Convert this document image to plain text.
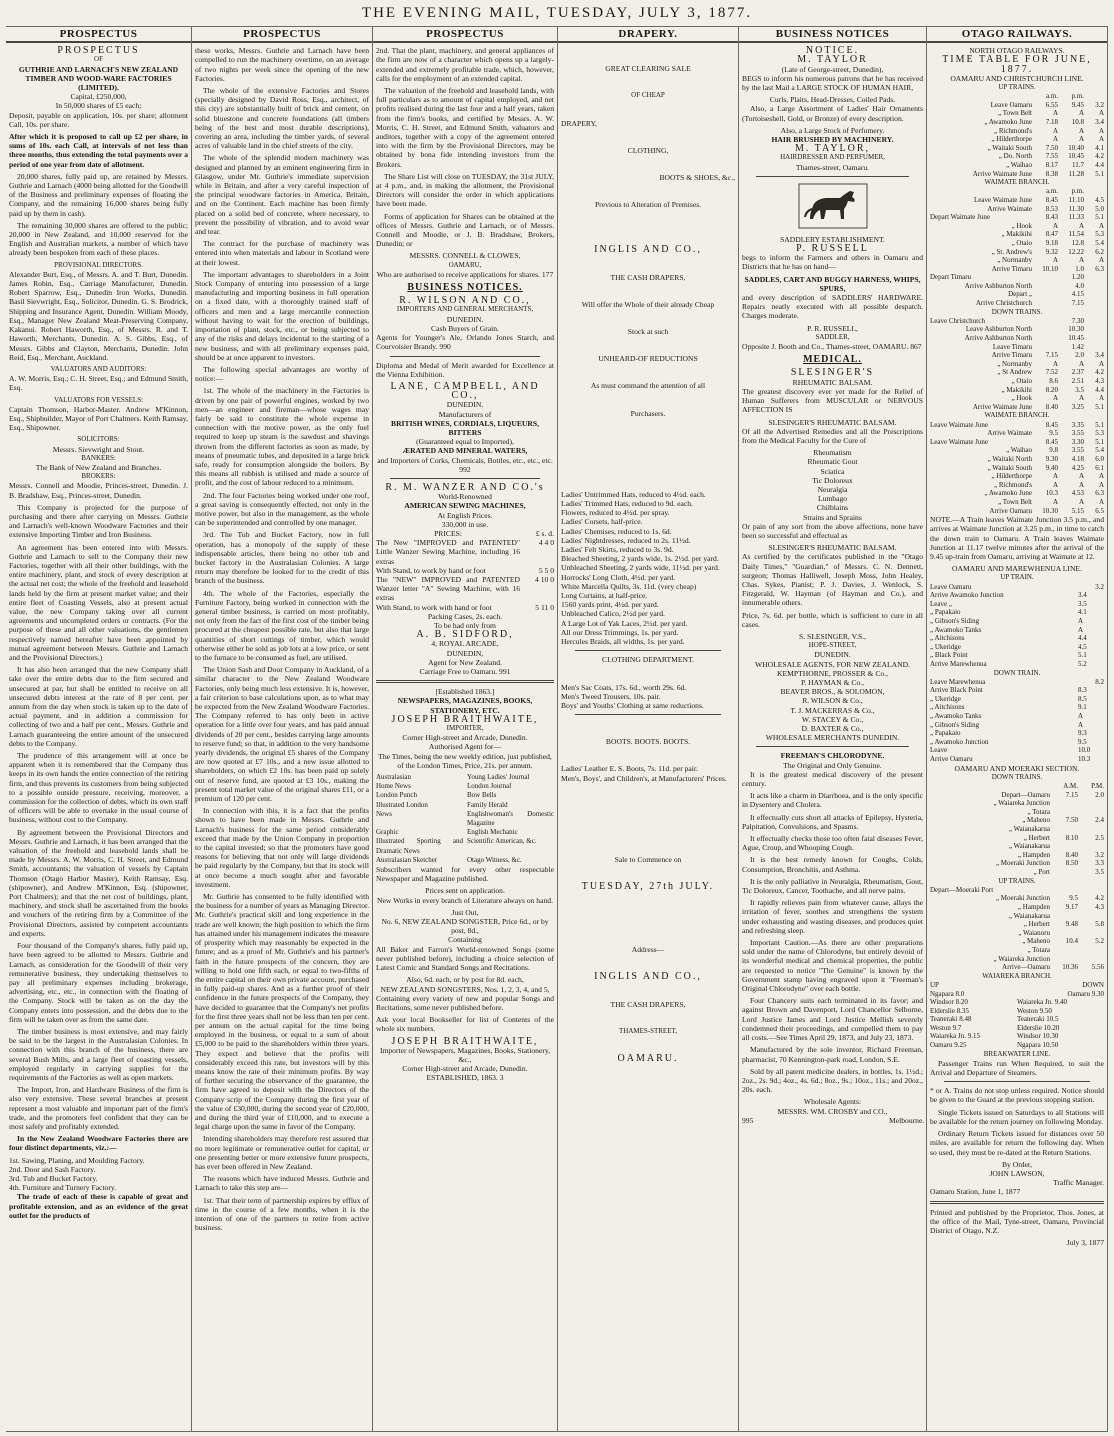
THE EVENING MAIL, TUESDAY, JULY 3, 1877.
PROSPECTUS
PROSPECTUS
OF
GUTHRIE AND LARNACH'S NEW ZEALAND TIMBER AND WOOD-WARE FACTORIES (LIMITED).
Capital, £250,000,
In 50,000 shares of £5 each;

Deposit, payable on application, 10s. per share; allotment Call, 10s. per share.

After which it is proposed to call up £2 per share, in sums of 10s. each Call, at intervals of not less than three months, thus extending the total payments over a period of one year from date of allotment.

20,000 shares, fully paid up, are retained by Messrs. Guthrie and Larnach (4000 being allotted for the Goodwill of the Business and preliminary expenses of floating the Company, and the remaining 16,000 shares being fully paid up by them in cash).

The remaining 30,000 shares are offered to the public; 20,000 in New Zealand, and 10,000 reserved for the English and Australian markets, a number of which have already been bespoken from each of these places.

PROVISIONAL DIRECTORS.

Alexander Burt, Esq., of Messrs. A. and T. Burt, Dunedin. James Robin, Esq., Carriage Manufacturer, Dunedin. Robert Sparrow, Esq., Dunedin Iron Works, Dunedin. Basil Sievwright, Esq., Solicitor, Dunedin. G. S. Brodrick, Shipping and Insurance Agent, Dunedin. William Moody, Esq., Manager New Zealand Meat-Preserving Company, Kakanui. Robert Haworth, Esq., of Messrs. R. and T. Haworth, Merchants, Dunedin. A. S. Gibbs, Esq., of Messrs. Gibbs and Clayton, Merchants, Dunedin. John Reid, Esq., Merchant, Auckland.

VALUATORS AND AUDITORS:

A. W. Morris, Esq.; C. H. Street, Esq.; and Edmund Smith, Esq.

VALUATORS FOR VESSELS:

Captain Thomson, Harbor-Master. Andrew M'Kinnon, Esq., Shipbuilder, Mayor of Port Chalmers. Keith Ramsay, Esq., Shipowner.

SOLICITORS:
Messrs. Sievwright and Stout.
BANKERS:
The Bank of New Zealand and Branches.
BROKERS:

Messrs. Connell and Moodie, Princes-street, Dunedin. J. B. Bradshaw, Esq., Princes-street, Dunedin.

This Company is projected for the purpose of purchasing and there after carrying on Messrs. Guthrie and Larnach's well-known Woodware Factories and their extensive Importing Timber and Iron Business.

An agreement has been entered into with Messrs. Guthrie and Larnach to sell to the Company their new Factories, together with all their other buildings, with the entire machinery, plant, and stock of every description at the actual net cost; the whole of the freehold and leasehold lands held by the firm at present market value; and their entire fleet of Coasting Vessels, also at present actual value, the new Company taking over all current agreements and uncompleted orders or contracts. (For the purpose of these and all other valuations, the gentlemen respectively named hereafter have been appointed by mutual agreement between Messrs. Guthrie and Larnach and the Provisional Directors.)

It has also been arranged that the new Company shall take over the entire debts due to the firm secured and unsecured at par, but shall be entitled to receive on all unsecured debts interest at the rate of 8 per cent. per annum from the day when stock is taken up to the date of actual payment, and in addition a commission for collecting of two and a half per cent., Messrs. Guthrie and Larnach guaranteeing the entire amount of the unsecured debts to the Company.

The prudence of this arrangement will at once be apparent when it is remembered that the Company thus keeps in its own hands the entire connection of the retiring firm, and thus prevents its customers from being subjected to a possible outside pressure, receiving, moreover, a commission for the collection of debts, which its own staff of officers will be able to overtake in the usual course of business, without cost to the Company.

By agreement between the Provisional Directors and Messrs. Guthrie and Larnach, it has been arranged that the valuation of the freehold and leasehold lands shall be made by Messrs. A. W. Morris, C. H. Street, and Edmund Smith, accountants; the valuation of vessels by Captain Thomson (Otago Harbor Master), Keith Ramsay, Esq. (shipowner), and Andrew M'Kinnon, Esq. (shipowner, Port Chalmers); and that the net cost of buildings, plant, machinery, and stock shall be ascertained from the books and vouchers of the retiring firm by a Committee of the Provisional Directors, assisted by competent accountants and experts.

Four thousand of the Company's shares, fully paid up, have been agreed to be allotted to Messrs. Guthrie and Larnach, as consideration for the Goodwill of their very remunerative business, they undertaking themselves to pay all preliminary expenses including brokerage, advertising, etc., etc., in connection with the floating of the Company. Stock will be taken as on the day the Company enters into possession, and the debts due to the firm will be taken over as from the same date.

The timber business is most extensive, and may fairly be said to be the largest in the Australasian Colonies. In connection with this branch of the business, there are several Bush Mills, and a large fleet of coasting vessels, employed regularly in carrying supplies for the requirements of the Factories as well as open markets.

The Import, Iron, and Hardware Business of the firm is also very extensive. These several branches at present represent a most valuable and important part of the firm's trade, and the promoters feel confident that they can be most safely and profitably extended.

In the New Zealand Woodware Factories there are four distinct departments, viz.:—

1st. Sawing, Planing, and Moulding Factory.
2nd. Door and Sash Factory.
3rd. Tub and Bucket Factory.
4th. Furniture and Turnery Factory.

The trade of each of these is capable of great and profitable extension, and as an evidence of the great outlet for the products of

PROSPECTUS

these works, Messrs. Guthrie and Larnach have been compelled to run the machinery overtime, on an average of two nights per week since the opening of the new Factories.

The whole of the extensive Factories and Stores (specially designed by David Ross, Esq., architect, of this city) are substantially built of brick and cement, on solid bluestone and concrete foundations (all timbers being of the best and most durable descriptions), covering an area, including the timber yards, of several acres of valuable land in the chief streets of the city.

The whole of the splendid modern machinery was designed and planned by an eminent engineering firm in Glasgow, under Mr. Guthrie's immediate supervision while in Britain, and after a very careful inspection of the principal woodware factories in America, Britain, and on the Continent. Each machine has been firmly placed on a solid bed of concrete, where necessary, to prevent the possibility of vibration, and to avoid wear and tear.

The contract for the purchase of machinery was entered into when materials and labour in Scotland were at their lowest.

The important advantages to shareholders in a Joint Stock Company of entering into possession of a large manufacturing and importing business in full operation on a fixed date, with a thoroughly trained staff of officers and men and a large mercantile connection without having to wait for the erection of buildings, importation of plant, stock, etc., or being subjected to any of the risks and delays incidental to the starting of a new business, and with all preliminary expenses paid, should be at once apparent to investors.

The following special advantages are worthy of notice:—

1st. The whole of the machinery in the Factories is driven by one pair of powerful engines, worked by two men—an engineer and fireman—whose wages may fairly be said to constitute the whole expense in connection with the motive power, as the only fuel required to keep up steam is the sawdust and shavings thrown from the different factories as soon as made, by means of pneumatic tubes, and deposited in a large brick safe, ready for consumption alongside the boilers. By this means all rubbish is utilised and made a source of profit, and the cost of labour reduced to a minimum.

2nd. The four Factories being worked under one roof, a great saving is consequently effected, not only in the motive power, but also in the management, as the whole can be superintended and controlled by one manager.

3rd. The Tub and Bucket Factory, now in full operation, has a monopoly of the supply of these indispensable articles, there being no other tub and bucket factory in the Australasian Colonies. A large return may therefore be looked for to the credit of this branch of the business.

4th. The whole of the Factories, especially the Furniture Factory, being worked in connection with the general timber business, is carried on most profitably, not only from the fact of the first cost of the timber being procured at the cheapest possible rate, but also that large quantities of short cuttings of timber, which would otherwise either be sold as job lots at a low price, or sent to the furnace to be consumed as fuel, are utilised.

The Union Sash and Door Company in Auckland, of a similar character to the New Zealand Woodware Factories, only being much less extensive. It is, however, a fair criterion to base calculations upon, as to what may be expected from the New Zealand Woodware Factories. The Company referred to has only been in active operation for a little over four years, and has paid annual dividends of 20 per cent., besides carrying large amounts to reserve fund; so that, in addition to the very handsome yearly dividends, the original £5 shares of the Company are now quoted at £7 10s., and a new issue allotted to shareholders, on which £2 10s. has been paid up solely out of reserve fund, are quoted at £3 10s., making the present total market value of the original shares £11, or a premium of 120 per cent.

In connection with this, it is a fact that the profits shown to have been made in Messrs. Guthrie and Larnach's business for the same period considerably exceed that made by the Union Company in proportion to the capital invested; so that the promoters have good reasons for believing that not only will large dividends be paid regularly by the Company, but that its stock will at once become a much sought after and favorable investment.

Mr. Guthrie has consented to be fully identified with the business for a number of years as Managing Director. Mr. Guthrie's practical skill and long experience in the trade are well known; the high position to which the firm has attained under his management indicates the measure of prosperity which may reasonably be expected in the future; and as a proof of Mr. Guthrie's and his partner's faith in the future prospects of the concern, they are willing to hold one fifth each, or equal to two-fifths of the entire capital on their own private account, purchased in fully paid-up shares. And as a further proof of their confidence in the future prospects of the Company, they have decided to guarantee that the Company's net profits for the first three years shall not be less than ten per cent. per annum on the actual capital for the time being employed in the business, or equal to a sum of about £5,000 to be paid to the shareholders within three years. They expect and believe that the profits will considerably exceed this rate, but investors will by this means know the rate of their minimum profits. By way of further securing the observance of the guarantee, the firm have agreed to deposit with the Directors of the Company scrip of the Company during the first year of the value of £30,000, during the second year of £20,000, and during the third year of £10,000, and to execute a legal charge upon the same in favor of the Company.

Intending shareholders may therefore rest assured that no more legitimate or remunerative outlet for capital, or one presenting better or more extensive future prospects, has ever been offered in New Zealand.

The reasons which have induced Messrs. Guthrie and Larnach to take this step are—

1st. That their term of partnership expires by efflux of time in the course of a few months, when it is the intention of one of the partners to retire from active business.

PROSPECTUS

2nd. That the plant, machinery, and general appliances of the firm are now of a character which opens up a largely-extended and extremely profitable trade, which, however, calls for the employment of an extended capital.

The valuation of the freehold and leasehold lands, with full particulars as to amount of capital employed, and net profits realised during the last four and a half years, taken from the firm's books, and certified by Messrs. A. W. Morris, C. H. Street, and Edmund Smith, valuators and auditors, together with a copy of the agreement entered into with the firm by the Provisional Directors, may be obtained by bona fide intending investors from the Brokers.

The Share List will close on TUESDAY, the 31st JULY, at 4 p.m., and, in making the allotment, the Provisional Directors will consider the order in which applications have been made.

Forms of application for Shares can be obtained at the offices of Messrs. Guthrie and Larnach, or of Messrs. Connell and Moodie, or J. B. Bradshaw, Brokers, Dunedin; or

MESSRS. CONNELL & CLOWES,
OAMARU,
Who are authorised to receive applications for shares. 177
BUSINESS NOTICES.
R. WILSON AND CO.,
IMPORTERS AND GENERAL MERCHANTS,
DUNEDIN.
Cash Buyers of Grain.

Agents for Younger's Ale, Orlando Jones Starch, and Courvoisier Brandy. 990

Diploma and Medal of Merit awarded for Excellence at the Vienna Exhibition.

LANE, CAMPBELL, AND CO.,
DUNEDIN.
Manufacturers of
BRITISH WINES, CORDIALS, LIQUEURS, BITTERS
(Guaranteed equal to Imported),
ÆRATED AND MINERAL WATERS,
and Importers of Corks, Chemicals, Bottles, etc., etc., etc. 992
R. M. WANZER AND CO.'s
World-Renowned
AMERICAN SEWING MACHINES,
At English Prices.
330,000 in use.
PRICES:	£ s. d.
The New "IMPROVED and PATENTED" Little Wanzer Sewing Machine, including 16 extras
4 4 0
With Stand, to work by hand or foot	5 5 0
The "NEW" IMPROVED and PATENTED Wanzer letter "A" Sewing Machine, with 16 extras
4 10 0
With Stand, to work with hand or foot	5 11 0
Packing Cases, 2s. each.
To be had only from
A. B. SIDFORD,
4, ROYAL ARCADE,
DUNEDIN,
Agent for New Zealand.
Carriage Free to Oamaru. 991
[Established 1863.]
NEWSPAPERS, MAGAZINES, BOOKS, STATIONERY, ETC.
JOSEPH BRAITHWAITE,
IMPORTER,
Corner High-street and Arcade, Dunedin.
Authorised Agent for—

The Times, being the new weekly edition, just published, of the London Times, Price, 21s. per annum.

Australasian	Young Ladies' Journal
Home News	London Journal
London Punch	Bow Bells
Illustrated London	Family Herald
News	Englishwoman's Domestic Magazine
Graphic	English Mechanic
Illustrated Sporting and Dramatic News
Scientific American, &c.
Australasian Sketcher	Otago Witness, &c.

Subscribers wanted for every other respectable Newspaper and Magazine published.

Prices sent on application.

New Works in every branch of Literature always on hand.

Just Out,
No. 6, NEW ZEALAND SONGSTER, Price 6d., or by post, 8d.,
Containing

All Baker and Farron's World-renowned Songs (some never published before), including a choice selection of Latest Comic and Standard Songs and Recitations.

Also, 6d. each, or by post for 8d. each,
NEW ZEALAND SONGSTERS, Nos. 1, 2, 3, 4, and 5,

Containing every variety of new and popular Songs and Recitations, some never published before.

Ask your local Bookseller for list of Contents of the whole six numbers.

JOSEPH BRAITHWAITE,
Importer of Newspapers, Magazines, Books, Stationery, &c.,
Corner High-street and Arcade, Dunedin.
ESTABLISHED, 1863. 3
DRAPERY.
GREAT CLEARING SALE
OF CHEAP
DRAPERY,
CLOTHING,
BOOTS & SHOES, &c.,
Previous to Alteration of Premises.
INGLIS AND CO.,
THE CASH DRAPERS,
Will offer the Whole of their already Cheap
Stock at such
UNHEARD-OF REDUCTIONS
As must command the attention of all
Purchasers.
Ladies' Untrimmed Hats, reduced to 4½d. each.
Ladies' Trimmed Hats, reduced to 9d. each.
Flowers, reduced to 4½d. per spray.
Ladies' Corsets, half-price.
Ladies' Chemises, reduced to 1s. 6d.
Ladies' Nightdresses, reduced to 2s. 11½d.
Ladies' Felt Skirts, reduced to 3s. 9d.
Bleached Sheeting, 2 yards wide, 1s. 2½d. per yard.
Unbleached Sheeting, 2 yards wide, 11½d. per yard.
Horrocks' Long Cloth, 4½d. per yard.
White Marcella Quilts, 3s. 11d. (very cheap)
Long Curtains, at half-price.
1560 yards print, 4½d. per yard.
Unbleached Calico, 2½d per yard.
A Large Lot of Yak Laces, 2½d. per yard.
All our Dress Trimmings, 1s. per yard.
Hercules Braids, all widths, 1s. per yard.
CLOTHING DEPARTMENT.
Men's Sac Coats, 17s. 6d., worth 29s. 6d.
Men's Tweed Trousers, 10s. pair.
Boys' and Youths' Clothing at same reductions.
BOOTS. BOOTS. BOOTS.
Ladies' Leather E. S. Boots, 7s. 11d. per pair.
Men's, Boys', and Children's, at Manufacturers' Prices.
Sale to Commence on
TUESDAY, 27th JULY.
Address—
INGLIS AND CO.,
THE CASH DRAPERS,
THAMES-STREET,
OAMARU.
BUSINESS NOTICES
NOTICE.
M. TAYLOR
(Late of George-street, Dunedin),

BEGS to inform his numerous patrons that he has received by the last Mail a LARGE STOCK OF HUMAN HAIR,

Curls, Plaits, Head-Dresses, Coiled Pads.

Also, a Large Assortment of Ladies' Hair Ornaments (Tortoiseshell, Gold, or Bronze) of every description.

Also, a Large Stock of Perfumery.
HAIR BRUSHED BY MACHINERY.
M. TAYLOR,
HAIRDRESSER AND PERFUMER,
Thames-street, Oamaru.
SADDLERY ESTABLISHMENT.
P. RUSSELL

begs to inform the Farmers and others in Oamaru and Districts that he has on hand—

SADDLES, CART AND BUGGY HARNESS, WHIPS, SPURS,

and every description of SADDLERS' HARDWARE. Repairs neatly executed with all possible despatch. Charges moderate.

P. R. RUSSELL,
SADDLER,
Opposite J. Booth and Co., Thames-street, OAMARU. 867
MEDICAL.
SLESINGER'S
RHEUMATIC BALSAM.

The greatest discovery ever yet made for the Relief of Human Sufferers from MUSCULAR or NERVOUS AFFECTION IS

SLESINGER'S RHEUMATIC BALSAM.

Of all the Advertised Remedies and all the Prescriptions from the Medical Faculty for the Cure of

Rheumatism
Rheumatic Gout
Sciatica
Tic Doloreux
Neuralgia
Lumbago
Chilblains
Strains and Sprains

Or pain of any sort from the above affections, none have been so successful and effectual as

SLESINGER'S RHEUMATIC BALSAM.

As certified by the certificates published in the "Otago Daily Times," "Guardian," of Messrs. C. N. Dennett, surgeon; Thomas Halliwell, Joseph Moss, John Healey, Chas. Sykes, Pianist; P. J. Davies, J. Wenlock, S. Fitzgerald, W. Hayman (of Hayman and Co.), and innumerable others.

Price, 7s. 6d. per bottle, which is sufficient to cure in all cases.

S. SLESINGER, V.S.,
HOPE-STREET,
DUNEDIN.
WHOLESALE AGENTS, FOR NEW ZEALAND.
KEMPTHORNE, PROSSER & Co.,
P. HAYMAN & Co.,
BEAVER BROS., & SOLOMON,
R. WILSON & Co.,
T. J. MACKERRAS & Co.,
W. STACEY & Co.,
D. BAXTER & Co.,
WHOLESALE MERCHANTS DUNEDIN.
FREEMAN'S CHLORODYNE.
The Original and Only Genuine.

It is the greatest medical discovery of the present century.

It acts like a charm in Diarrhoea, and is the only specific in Dysentery and Cholera.

It effectually cuts short all attacks of Epilepsy, Hysteria, Palpitation, Convulsions, and Spasms.

It effectually checks those too often fatal diseases Fever, Ague, Croup, and Whooping Cough.

It is the best remedy known for Coughs, Colds, Consumption, Bronchitis, and Asthma.

It is the only palliative in Neuralgia, Rheumatism, Gout, Tic Doloreux, Cancer, Toothache, and all nerve pains.

It rapidly relieves pain from whatever cause, allays the irritation of fever, soothes and strengthens the system under exhausting and wasting diseases, and produces quiet and refreshing sleep.

Important Caution.—As there are other preparations sold under the name of Chlorodyne, but entirely devoid of its wonderful medical and chemical properties, the public are requested to notice "The Genuine" is known by the Government stamp having engraved upon it "Freeman's Original Chlorodyne" over each bottle.

Four Chancery suits each terminated in its favor; and against Brown and Davenport, Lord Chancellor Selborne, Lord Justice James and Lord Justice Mellish severely condemned their proceedings, and compelled them to pay all costs.—See Times April 29, 1873, and July 23, 1873.

Manufactured by the sole inventor, Richard Freeman, pharmacist, 70 Kennington-park road, London, S.E.

Sold by all patent medicine dealers, in bottles, 1s. 1½d.; 2oz., 2s. 9d.; 4oz., 4s. 6d.; 8oz., 9s.; 10oz., 11s.; and 20oz., 20s. each.

Wholesale Agents:
MESSRS. WM. CROSBY and CO.,
995	Melbourne.
OTAGO RAILWAYS.
NORTH OTAGO RAILWAYS.
TIME TABLE FOR JUNE, 1877.
OAMARU AND CHRISTCHURCH LINE.
UP TRAINS.
a.m.	p.m.
Leave Oamaru	6.55	9.45	3.2
„ Town Belt	A	A	A
„ Awamoko June	7.18	10.8	3.4
„ Richmond's	A	A	A
„ Hilderthorpe	A	A	A
„ Waitaki South	7.50	10.40	4.1
„ Do. North	7.55	10.45	4.2
„ Waihao	8.17	11.7	4.4
Arrive Waimate June	8.38	11.28	5.1
WAIMATE BRANCH.
a.m.	p.m.
Leave Waimate June	8.45	11.10	4.5
Arrive Waimate	8.53	11.30	5.0
Depart Waimate June	8.43	11.33	5.1
„ Hook	A	A	A
„ Makikihi	8.47	11.54	5.3
„ Otaio	9.18	12.8	5.4
„ St. Andrew's	9.32	12.22	6.2
„ Normanby	A	A	A
Arrive Timaru	10.10	1.0	6.3
Depart Timaru	1.20
Arrive Ashburton North	4.0
Depart „	4.15
Arrive Christchurch	7.15
DOWN TRAINS.
Leave Christchurch	7.30
Leave Ashburton North	10.30
Arrive Ashburton North	10.45
Leave Timaru	1.42
Arrive Timaru	7.15	2.0	3.4
„ Normanby	A	A	A
„ St Andrew	7.52	2.37	4.2
„ Otaio	8.6	2.51	4.3
„ Makikihi	8.20	3.5	4.4
„ Hook	A	A	A
Arrive Waimate June	8.40	3.25	5.1
WAIMATE BRANCH.
Leave Waimate June	8.45	3.35	5.1
Arrive Waimate	9.5	3.55	5.3
Leave Waimate June	8.45	3.30	5.1
„ Waihao	9.8	3.55	5.4
„ Waitaki North	9.30	4.18	6.0
„ Waitaki South	9.40	4.25	6.1
„ Hilderthorpe	A	A	A
„ Richmond's	A	A	A
„ Awamoko June	10.3	4.53	6.3
„ Town Belt	A	A	A
Arrive Oamaru	10.30	5.15	6.5

NOTE.—A Train leaves Waimate Junction 3.5 p.m., and arrives at Waimate Junction at 3.25 p.m., in time to catch the down train to Oamaru. A Train leaves Waimate Junction at 11.17 twelve minutes after the arrival of the 9.45 up-train from Oamaru, arriving at Waimate at 12.

OAMARU AND MAREWHENUA LINE.
UP TRAIN.
Leave Oamaru	3.2
Arrive Awamoko Junction	3.4
Leave „	3.5
„ Papakaio	4.1
„ Gibson's Siding	A
„ Awamoko Tanks	A
„ Aitchisons	4.4
„ Ukeridge	4.5
„ Black Point	5.1
Arrive Marewhenua	5.2
DOWN TRAIN.
Leave Marewhenua	8.2
Arrive Black Point	8.3
„ Ukeridge	8.5
„ Aitchisons	9.1
„ Awamoko Tanks	A
„ Gibson's Siding	A
„ Papakaio	9.3
„ Awamoko Junction	9.5
Leave	10.0
Arrive Oamaru	10.3
OAMARU AND MOERAKI SECTION.
DOWN TRAINS.
A.M.	P.M.
Depart—Oamaru	7.15	2.0
„ Waiareka Junction
„ Totara
„ Maheno	7.50	2.4
„ Waianakarua
„ Herbert	8.10	2.5
„ Waianakarua
„ Hampden	8.40	3.2
„ Moeraki Junction	8.50	3.3
„ Port	3.5
UP TRAINS.
Depart—Moeraki Port
„ Moeraki Junction	9.5	4.2
„ Hampden	9.17	4.3
„ Waianakarua
„ Herbert	9.48	5.8
„ Waianoru
„ Maheno	10.4	5.2
„ Totara
„ Waiareka Junction
Arrive—Oamaru	10.36	5.56
WAIAREKA BRANCH.
UP	DOWN
Ngapara 8.0	Oamaru 9.30
Windsor 8.20	Waiareka Jn. 9.40
Elderslie 8.35	Weston 9.50
Teaneraki 8.48	Teaneraki 10.5
Weston 9.7	Elderslie 10.20
Waiareka Jn. 9.15	Windsor 10.30
Oamaru 9.25	Ngapara 10.50
BREAKWATER LINE.

Passenger Trains run When Required, to suit the Arrival and Departure of Steamers.

* or A. Trains do not stop unless required. Notice should be given to the Guard at the previous stopping station.

Single Tickets issued on Saturdays to all Stations will be available for the return journey on following Monday.

Ordinary Return Tickets issued for distances over 50 miles, are available for return the following day. When so used, they must be re-dated at the Return Stations.

By Order,
JOHN LAWSON,
Traffic Manager.
Oamaru Station, June 1, 1877

Printed and published by the Proprietor, Thos. Jones, at the office of the Mail, Tyne-street, Oamaru, Provincial District of Otago, N.Z.

July 3, 1877
